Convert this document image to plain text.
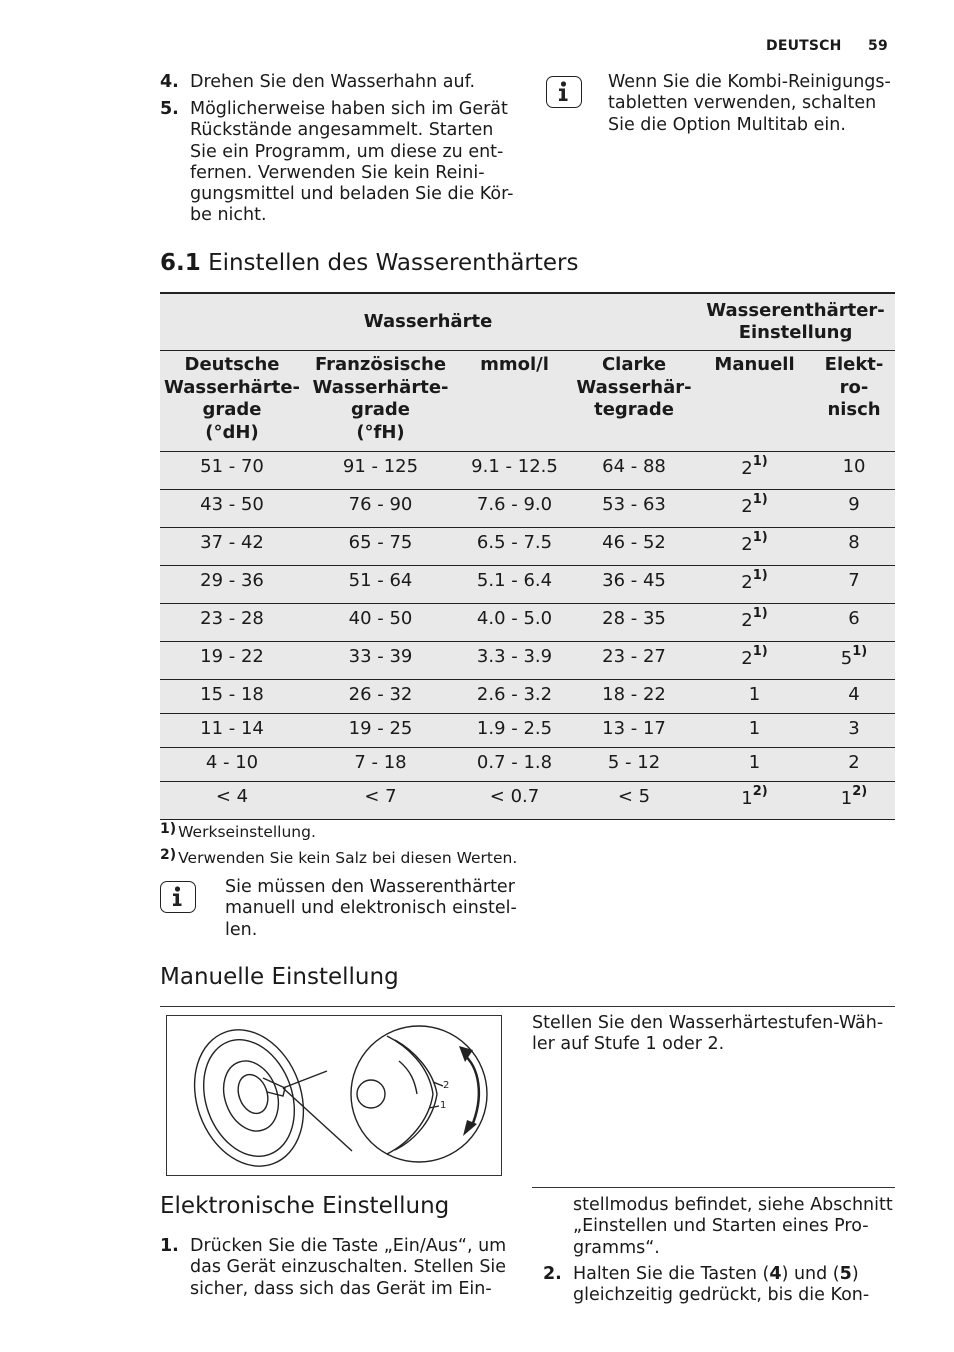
DEUTSCH 59
4. Drehen Sie den Wasserhahn auf.

5. Möglicherweise haben sich im Gerät

Rückstände angesammelt. Starten

Sie ein Programm, um diese zu ent-

fernen. Verwenden Sie kein Reini-

gungsmittel und beladen Sie die Kör-

be nicht.

Wenn Sie die Kombi-Reinigungs-

tabletten verwenden, schalten

Sie die Option Multitab ein.

6.1 Einstellen des Wasserenthärters
Wasserhärte				Wasserenthärter-
Einstellung	
Deutsche
Wasserhärte-
grade
(°dH)	Französische
Wasserhärte-
grade
(°fH)	mmol/l	Clarke
Wasserhär-
tegrade	Manuell	Elekt-
ro-
nisch
51 - 70	91 - 125	9.1 - 12.5	64 - 88	2$^{1)}$	10
43 - 50	76 - 90	7.6 - 9.0	53 - 63	2$^{1)}$	9
37 - 42	65 - 75	6.5 - 7.5	46 - 52	2$^{1)}$	8
29 - 36	51 - 64	5.1 - 6.4	36 - 45	2$^{1)}$	7
23 - 28	40 - 50	4.0 - 5.0	28 - 35	2$^{1)}$	6
19 - 22	33 - 39	3.3 - 3.9	23 - 27	2$^{1)}$	5$^{1)}$
15 - 18	26 - 32	2.6 - 3.2	18 - 22	1	4
11 - 14	19 - 25	1.9 - 2.5	13 - 17	1	3
4 - 10	7 - 18	0.7 - 1.8	5 - 12	1	2
< 4	< 7	< 0.7	< 5	1$^{2)}$	1$^{2)}$
1) Werkseinstellung.
2) Verwenden Sie kein Salz bei diesen Werten.

Sie müssen den Wasserenthärter

manuell und elektronisch einstel-

len.

Manuelle Einstellung
2
1

Stellen Sie den Wasserhärtestufen-Wäh-

ler auf Stufe 1 oder 2.

Elektronische Einstellung
1. Drücken Sie die Taste „Ein/Aus“, um

das Gerät einzuschalten. Stellen Sie

sicher, dass sich das Gerät im Ein-

stellmodus befindet, siehe Abschnitt

„Einstellen und Starten eines Pro-

gramms“.

2. Halten Sie die Tasten (4) und (5)

gleichzeitig gedrückt, bis die Kon-
